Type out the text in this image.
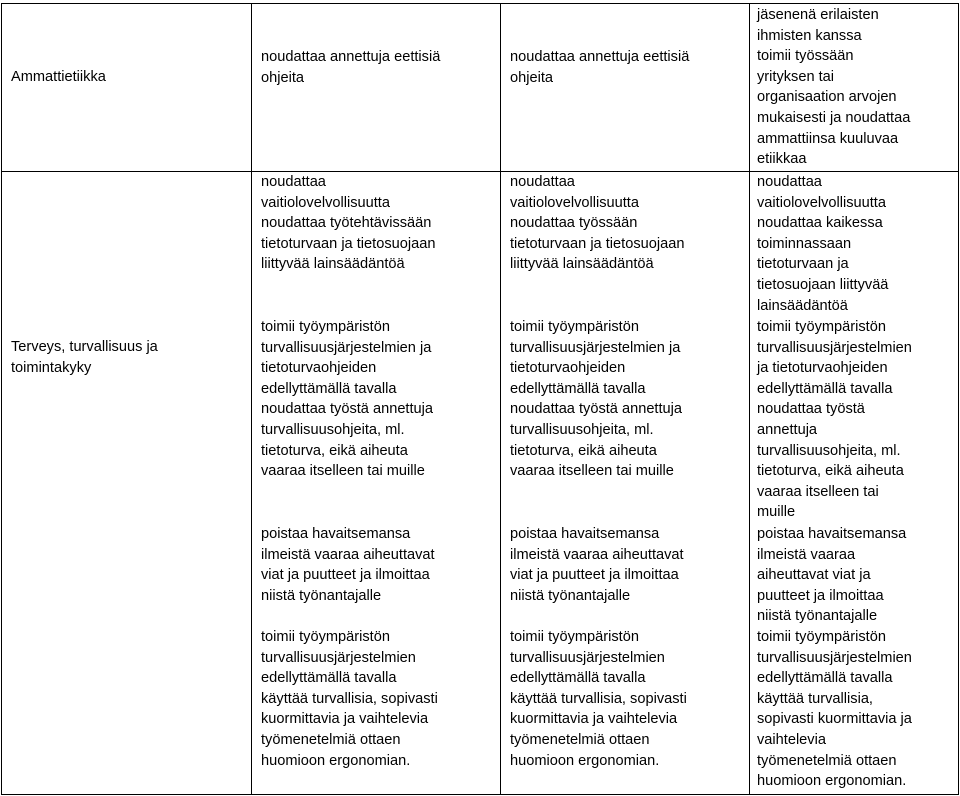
Ammattietiikka

noudattaa annettuja eettisiä

ohjeita

noudattaa annettuja eettisiä

ohjeita

jäsenenä erilaisten

ihmisten kanssa

toimii työssään

yrityksen tai

organisaation arvojen

mukaisesti ja noudattaa

ammattiinsa kuuluvaa

etiikkaa

Terveys, turvallisuus ja

toimintakyky

noudattaa

vaitiolovelvollisuutta

noudattaa työtehtävissään

tietoturvaan ja tietosuojaan

liittyvää lainsäädäntöä

toimii työympäristön

turvallisuusjärjestelmien ja

tietoturvaohjeiden

edellyttämällä tavalla

noudattaa työstä annettuja

turvallisuusohjeita, ml.

tietoturva, eikä aiheuta

vaaraa itselleen tai muille

poistaa havaitsemansa

ilmeistä vaaraa aiheuttavat

viat ja puutteet ja ilmoittaa

niistä työnantajalle

toimii työympäristön

turvallisuusjärjestelmien

edellyttämällä tavalla

käyttää turvallisia, sopivasti

kuormittavia ja vaihtelevia

työmenetelmiä ottaen

huomioon ergonomian.

noudattaa

vaitiolovelvollisuutta

noudattaa työssään

tietoturvaan ja tietosuojaan

liittyvää lainsäädäntöä

toimii työympäristön

turvallisuusjärjestelmien ja

tietoturvaohjeiden

edellyttämällä tavalla

noudattaa työstä annettuja

turvallisuusohjeita, ml.

tietoturva, eikä aiheuta

vaaraa itselleen tai muille

poistaa havaitsemansa

ilmeistä vaaraa aiheuttavat

viat ja puutteet ja ilmoittaa

niistä työnantajalle

toimii työympäristön

turvallisuusjärjestelmien

edellyttämällä tavalla

käyttää turvallisia, sopivasti

kuormittavia ja vaihtelevia

työmenetelmiä ottaen

huomioon ergonomian.

noudattaa

vaitiolovelvollisuutta

noudattaa kaikessa

toiminnassaan

tietoturvaan ja

tietosuojaan liittyvää

lainsäädäntöä

toimii työympäristön

turvallisuusjärjestelmien

ja tietoturvaohjeiden

edellyttämällä tavalla

noudattaa työstä

annettuja

turvallisuusohjeita, ml.

tietoturva, eikä aiheuta

vaaraa itselleen tai

muille

poistaa havaitsemansa

ilmeistä vaaraa

aiheuttavat viat ja

puutteet ja ilmoittaa

niistä työnantajalle

toimii työympäristön

turvallisuusjärjestelmien

edellyttämällä tavalla

käyttää turvallisia,

sopivasti kuormittavia ja

vaihtelevia

työmenetelmiä ottaen

huomioon ergonomian.
